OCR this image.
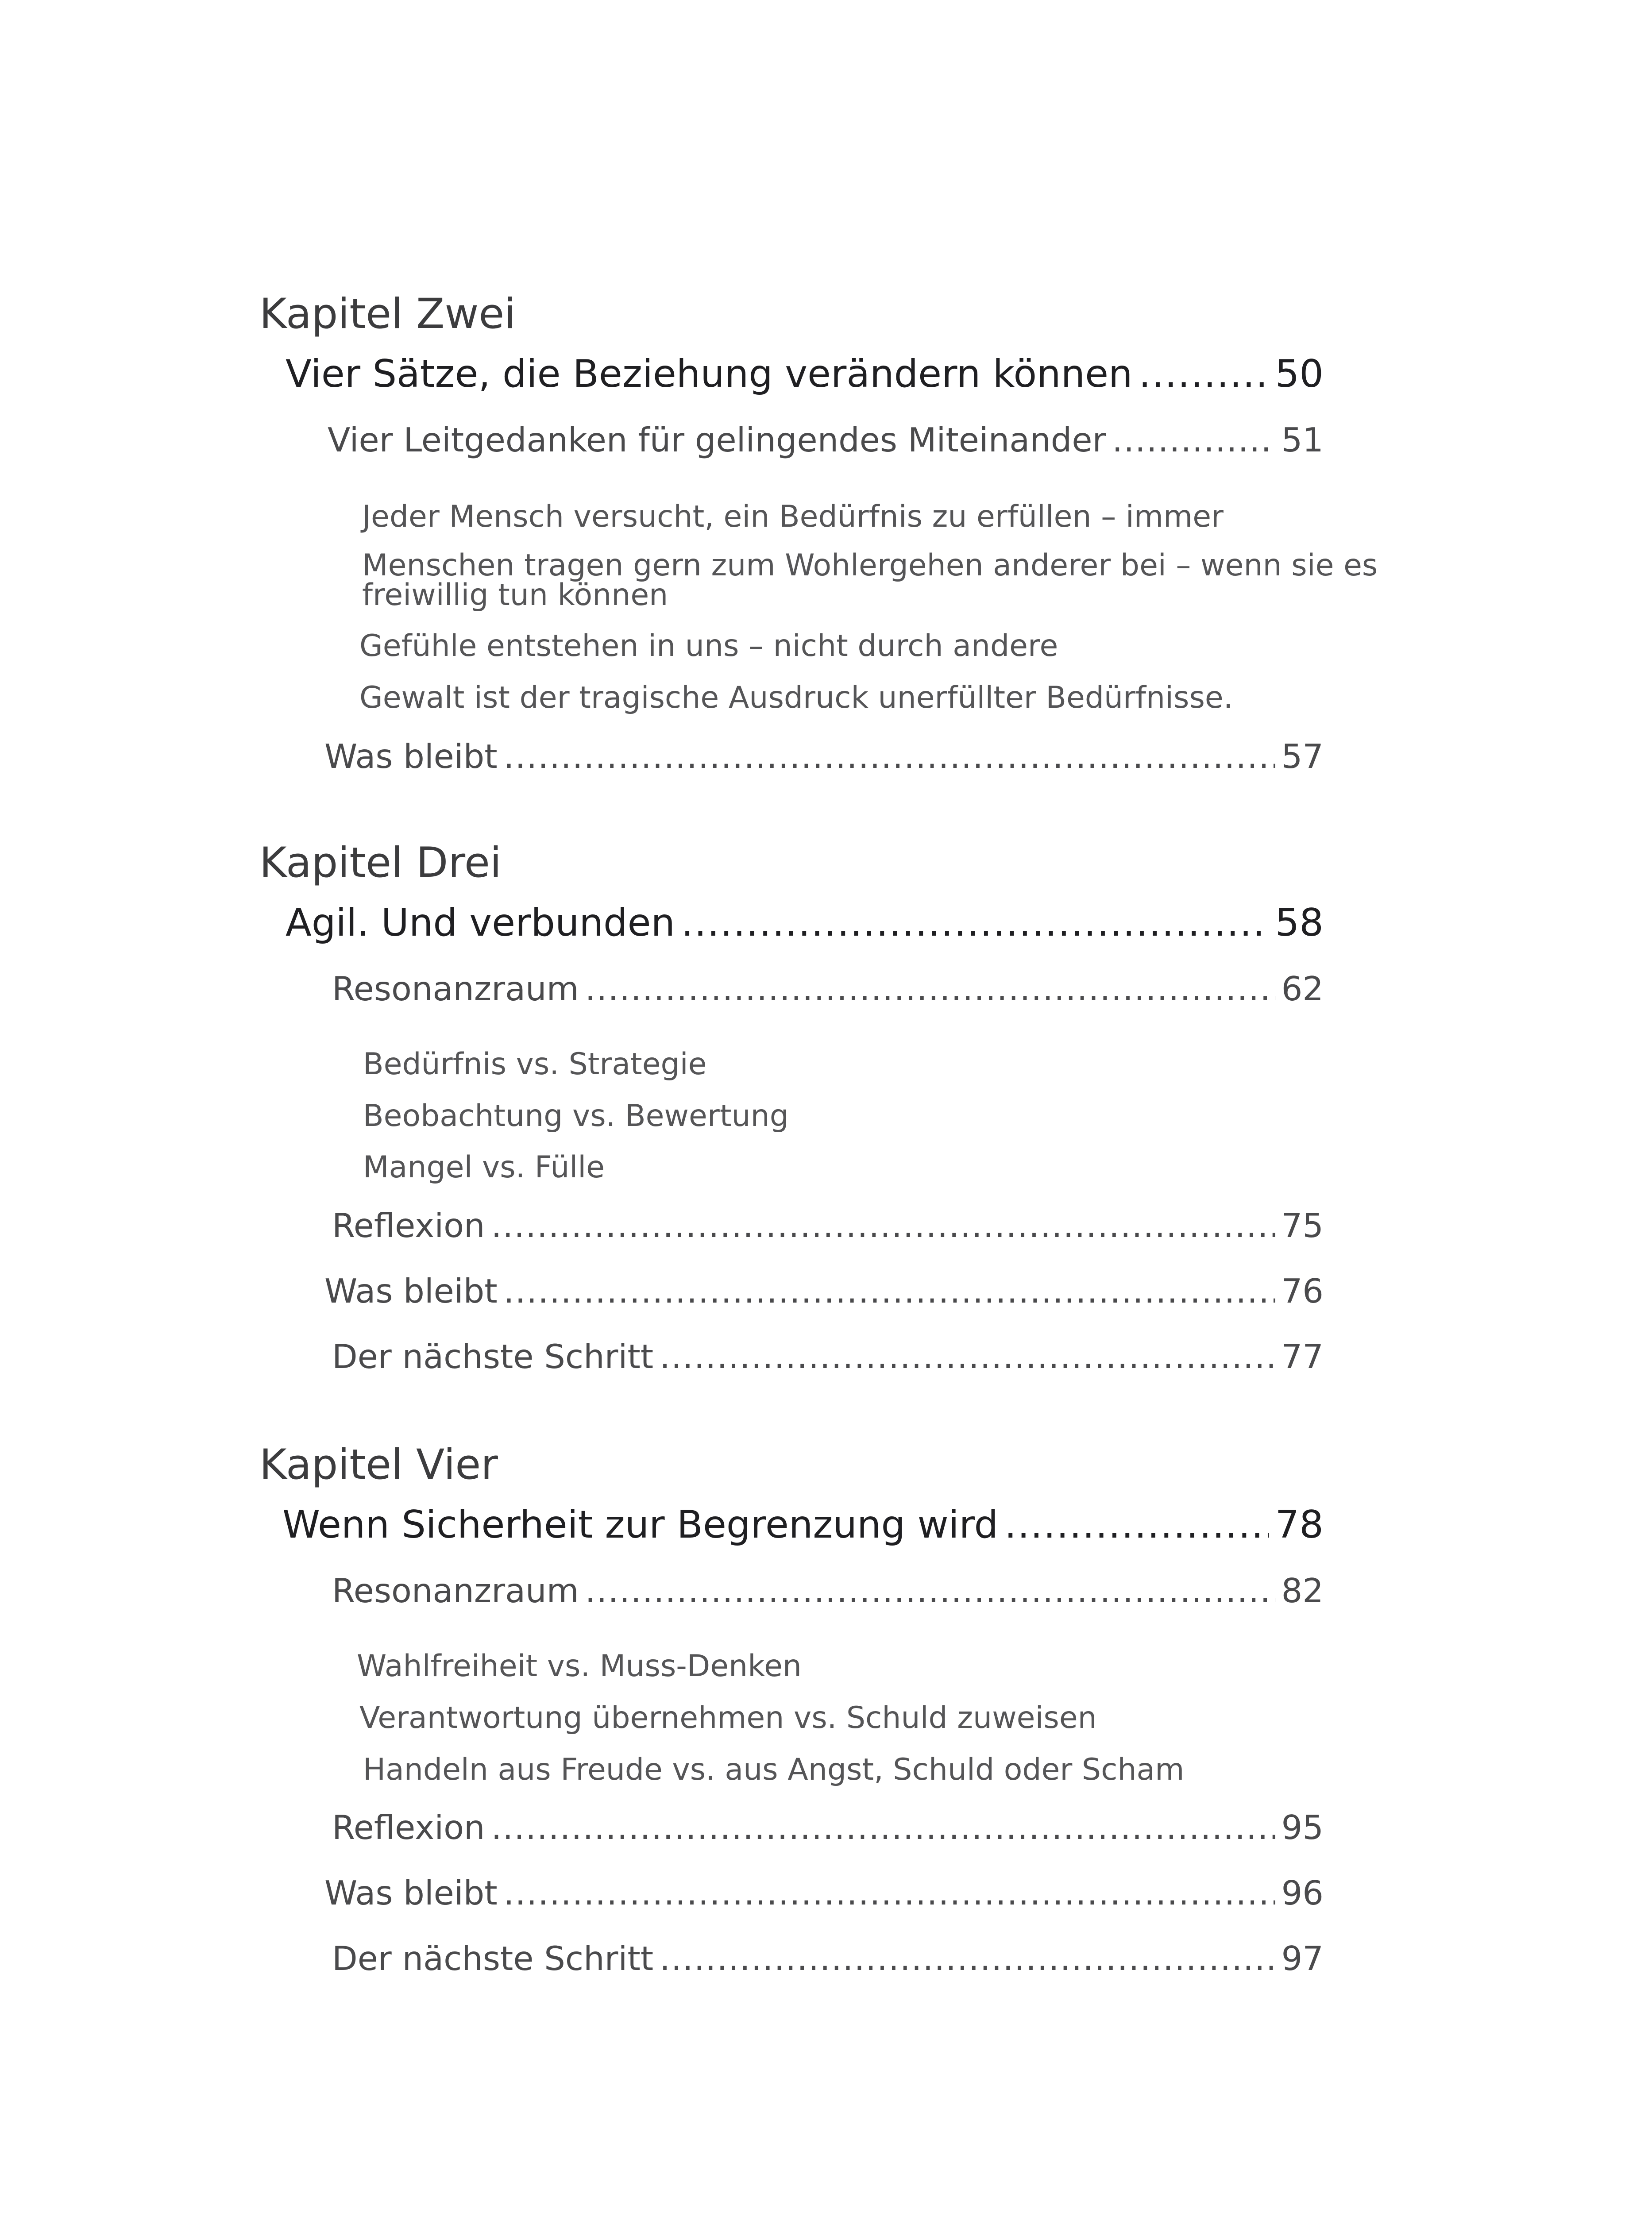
Kapitel Zwei
Vier Sätze, die Beziehung verändern können .....	50
Vier Leitgedanken für gelingendes Miteinander .....	51
Jeder Mensch versucht, ein Bedürfnis zu erfüllen – immer
Menschen tragen gern zum Wohlergehen anderer bei – wenn sie es freiwillig tun können
Gefühle entstehen in uns – nicht durch andere
Gewalt ist der tragische Ausdruck unerfüllter Bedürfnisse.
Was bleibt .....	57
Kapitel Drei
Agil. Und verbunden .....	58
Resonanzraum .....	62
Bedürfnis vs. Strategie
Beobachtung vs. Bewertung
Mangel vs. Fülle
Reflexion .....	75
Was bleibt .....	76
Der nächste Schritt .....	77
Kapitel Vier
Wenn Sicherheit zur Begrenzung wird .....	78
Resonanzraum .....	82
Wahlfreiheit vs. Muss-Denken
Verantwortung übernehmen vs. Schuld zuweisen
Handeln aus Freude vs. aus Angst, Schuld oder Scham
Reflexion .....	95
Was bleibt .....	96
Der nächste Schritt .....	97
